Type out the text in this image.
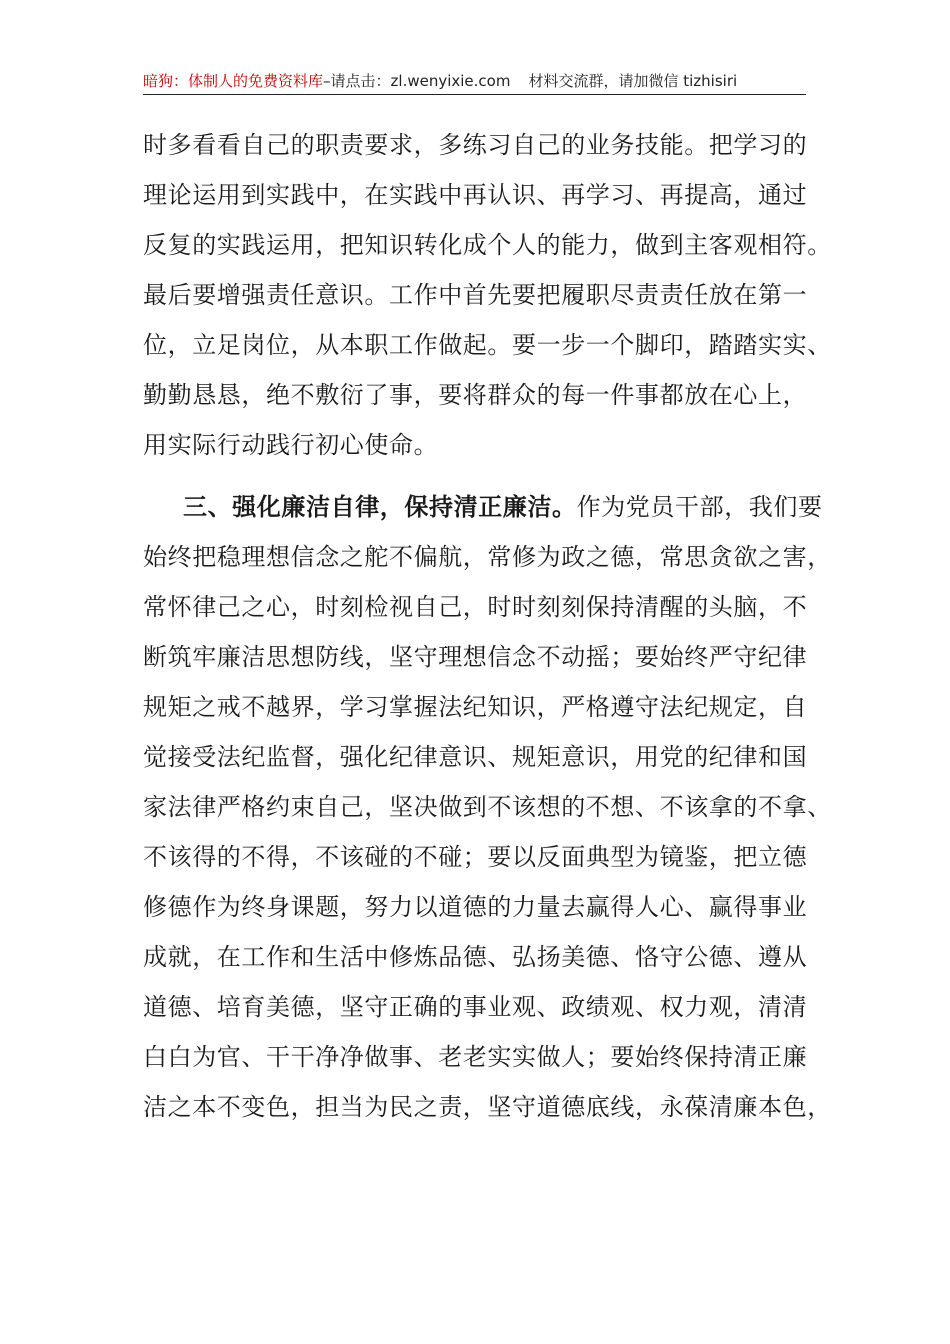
暗狗：体制人的免费资料库–请点击：zl.wenyixie.com 材料交流群，请加微信 tizhisiri
时多看看自己的职责要求，多练习自己的业务技能。把学习的
理论运用到实践中，在实践中再认识、再学习、再提高，通过
反复的实践运用，把知识转化成个人的能力，做到主客观相符。
最后要增强责任意识。工作中首先要把履职尽责责任放在第一
位，立足岗位，从本职工作做起。要一步一个脚印，踏踏实实、
勤勤恳恳，绝不敷衍了事，要将群众的每一件事都放在心上，
用实际行动践行初心使命。
三、强化廉洁自律，保持清正廉洁。作为党员干部，我们要
始终把稳理想信念之舵不偏航，常修为政之德，常思贪欲之害，
常怀律己之心，时刻检视自己，时时刻刻保持清醒的头脑，不
断筑牢廉洁思想防线，坚守理想信念不动摇；要始终严守纪律
规矩之戒不越界，学习掌握法纪知识，严格遵守法纪规定，自
觉接受法纪监督，强化纪律意识、规矩意识，用党的纪律和国
家法律严格约束自己，坚决做到不该想的不想、不该拿的不拿、
不该得的不得，不该碰的不碰；要以反面典型为镜鉴，把立德
修德作为终身课题，努力以道德的力量去赢得人心、赢得事业
成就，在工作和生活中修炼品德、弘扬美德、恪守公德、遵从
道德、培育美德，坚守正确的事业观、政绩观、权力观，清清
白白为官、干干净净做事、老老实实做人；要始终保持清正廉
洁之本不变色，担当为民之责，坚守道德底线，永葆清廉本色，
